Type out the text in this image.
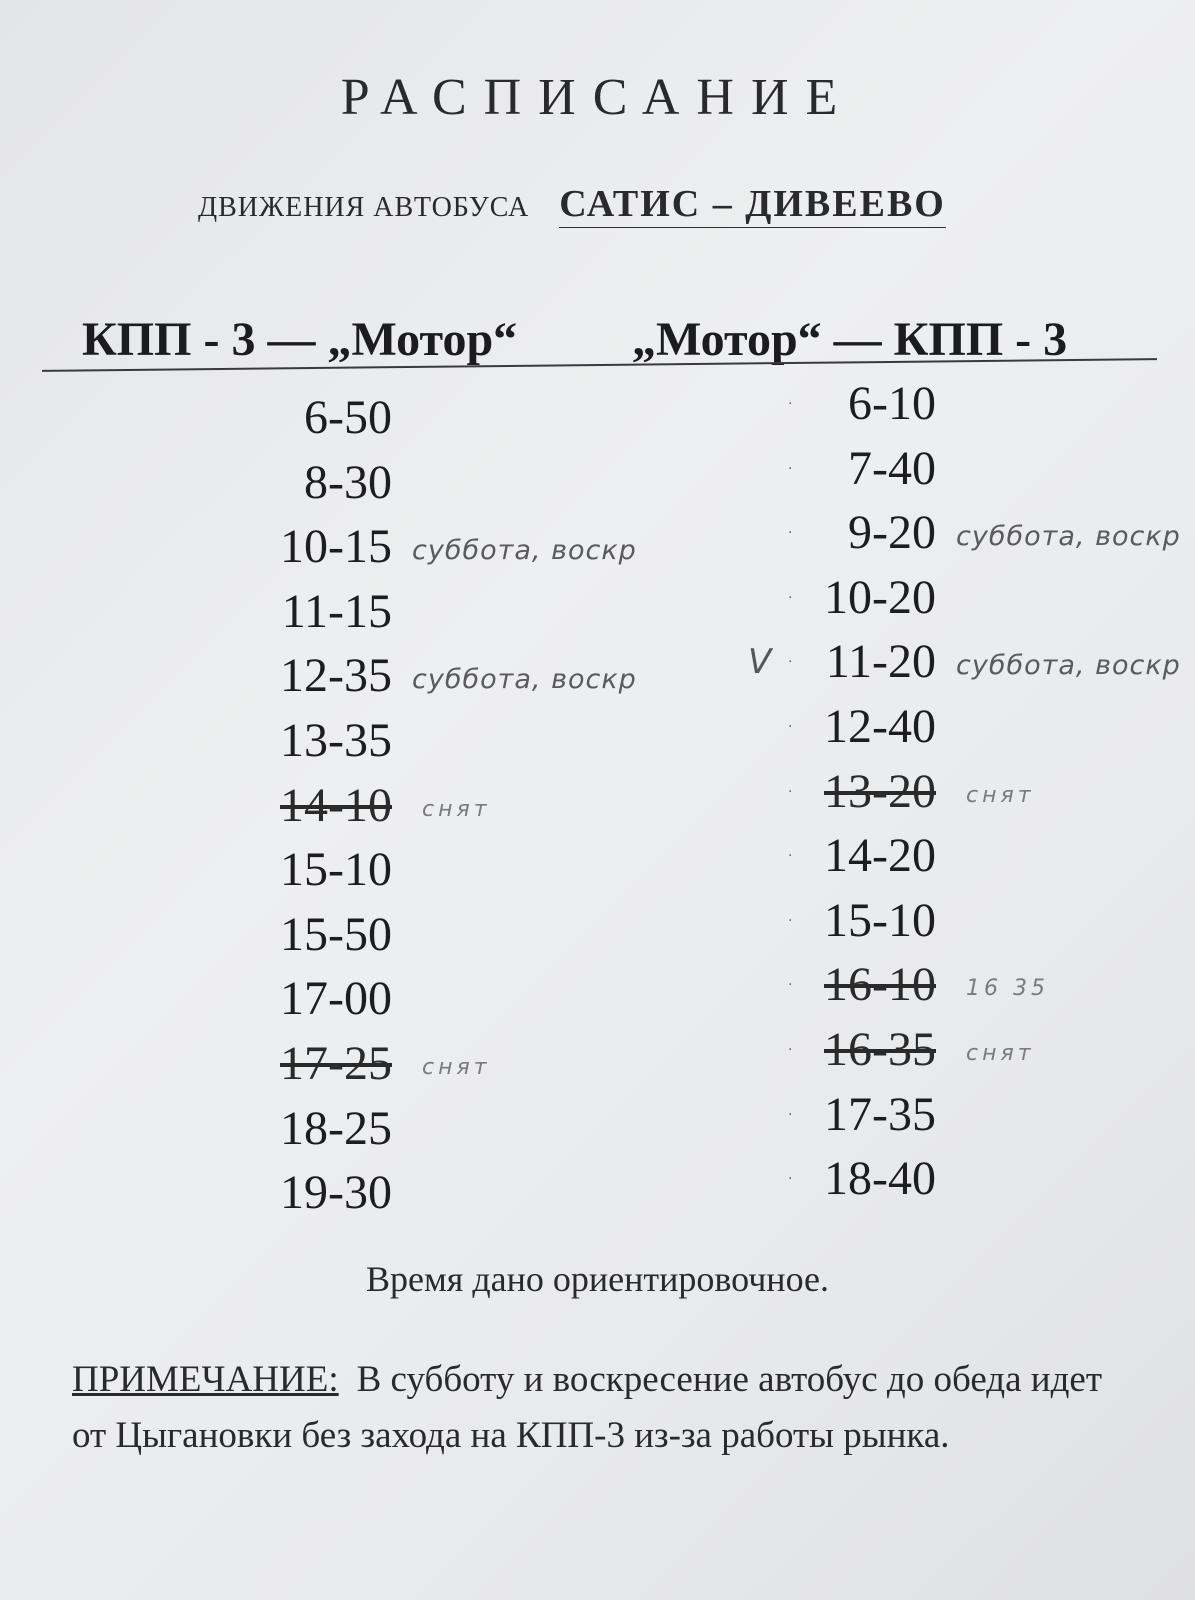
РАСПИСАНИЕ
ДВИЖЕНИЯ АВТОБУСА САТИС – ДИВЕЕВО
КПП - 3 — „Мотор“ „Мотор“ — КПП - 3
6-50
8-30
10-15 суббота, воскр
11-15
12-35 суббота, воскр
13-35
14-10 снят
15-10
15-50
17-00
17-25 снят
18-25
19-30
· 6-10
· 7-40
· 9-20 суббота, воскр
· 10-20
·
V 11-20 суббота, воскр
· 12-40
· 13-20 снят
· 14-20
· 15-10
· 16-10 16 35
· 16-35 снят
· 17-35
· 18-40
Время дано ориентировочное.
ПРИМЕЧАНИЕ: В субботу и воскресение автобус до обеда идет от Цыгановки без захода на КПП-3 из-за работы рынка.
